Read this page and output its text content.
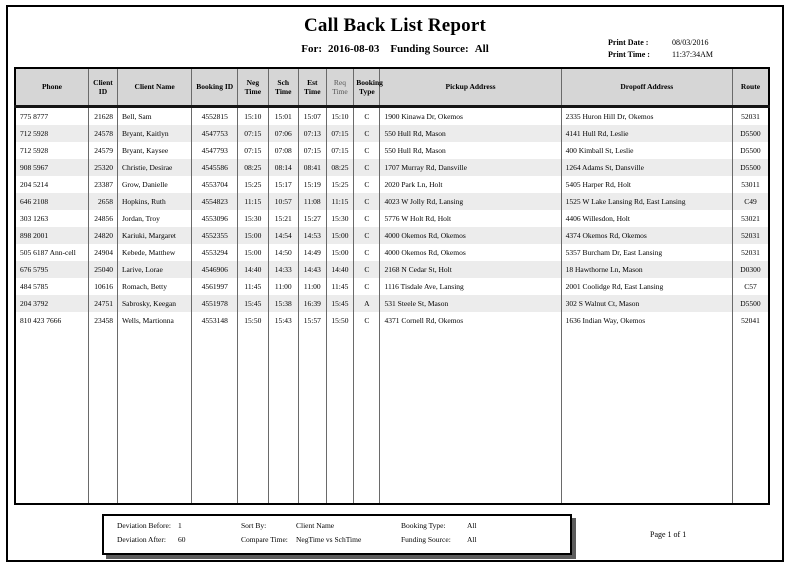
Call Back List Report
For: 2016-08-03 Funding Source: All
Print Date :	08/03/2016
Print Time :	11:37:34AM
Phone	Client ID	Client Name	Booking ID	Neg Time	Sch Time	Est Time	Req Time	Booking Type	Pickup Address	Dropoff Address	Route
775 8777	21628	Bell, Sam	4552815	15:10	15:01	15:07	15:10	C	1900 Kinawa Dr, Okemos	2335 Huron Hill Dr, Okemos	52031
712 5928	24578	Bryant, Kaitlyn	4547753	07:15	07:06	07:13	07:15	C	550 Hull Rd, Mason	4141 Hull Rd, Leslie	D5500
712 5928	24579	Bryant, Kaysee	4547793	07:15	07:08	07:15	07:15	C	550 Hull Rd, Mason	400 Kimball St, Leslie	D5500
908 5967	25320	Christie, Desirae	4545586	08:25	08:14	08:41	08:25	C	1707 Murray Rd, Dansville	1264 Adams St, Dansville	D5500
204 5214	23387	Grow, Danielle	4553704	15:25	15:17	15:19	15:25	C	2020 Park Ln, Holt	5405 Harper Rd, Holt	53011
646 2108	2658	Hopkins, Ruth	4554823	11:15	10:57	11:08	11:15	C	4023 W Jolly Rd, Lansing	1525 W Lake Lansing Rd, East Lansing	C49
303 1263	24856	Jordan, Troy	4553096	15:30	15:21	15:27	15:30	C	5776 W Holt Rd, Holt	4406 Willesdon, Holt	53021
898 2001	24820	Kariuki, Margaret	4552355	15:00	14:54	14:53	15:00	C	4000 Okemos Rd, Okemos	4374 Okemos Rd, Okemos	52031
505 6187 Ann-cell	24904	Kebede, Matthew	4553294	15:00	14:50	14:49	15:00	C	4000 Okemos Rd, Okemos	5357 Burcham Dr, East Lansing	52031
676 5795	25040	Larive, Lorae	4546906	14:40	14:33	14:43	14:40	C	2168 N Cedar St, Holt	18 Hawthorne Ln, Mason	D0300
484 5785	10616	Romach, Betty	4561997	11:45	11:00	11:00	11:45	C	1116 Tisdale Ave, Lansing	2001 Coolidge Rd, East Lansing	C57
204 3792	24751	Sabrosky, Keegan	4551978	15:45	15:38	16:39	15:45	A	531 Steele St, Mason	302 S Walnut Ct, Mason	D5500
810 423 7666	23458	Wells, Martionna	4553148	15:50	15:43	15:57	15:50	C	4371 Cornell Rd, Okemos	1636 Indian Way, Okemos	52041

Deviation Before: 1
Deviation After: 60
Sort By:	Client Name
Compare Time: NegTime vs SchTime
Booking Type:	All
Funding Source: All
Page 1 of 1
